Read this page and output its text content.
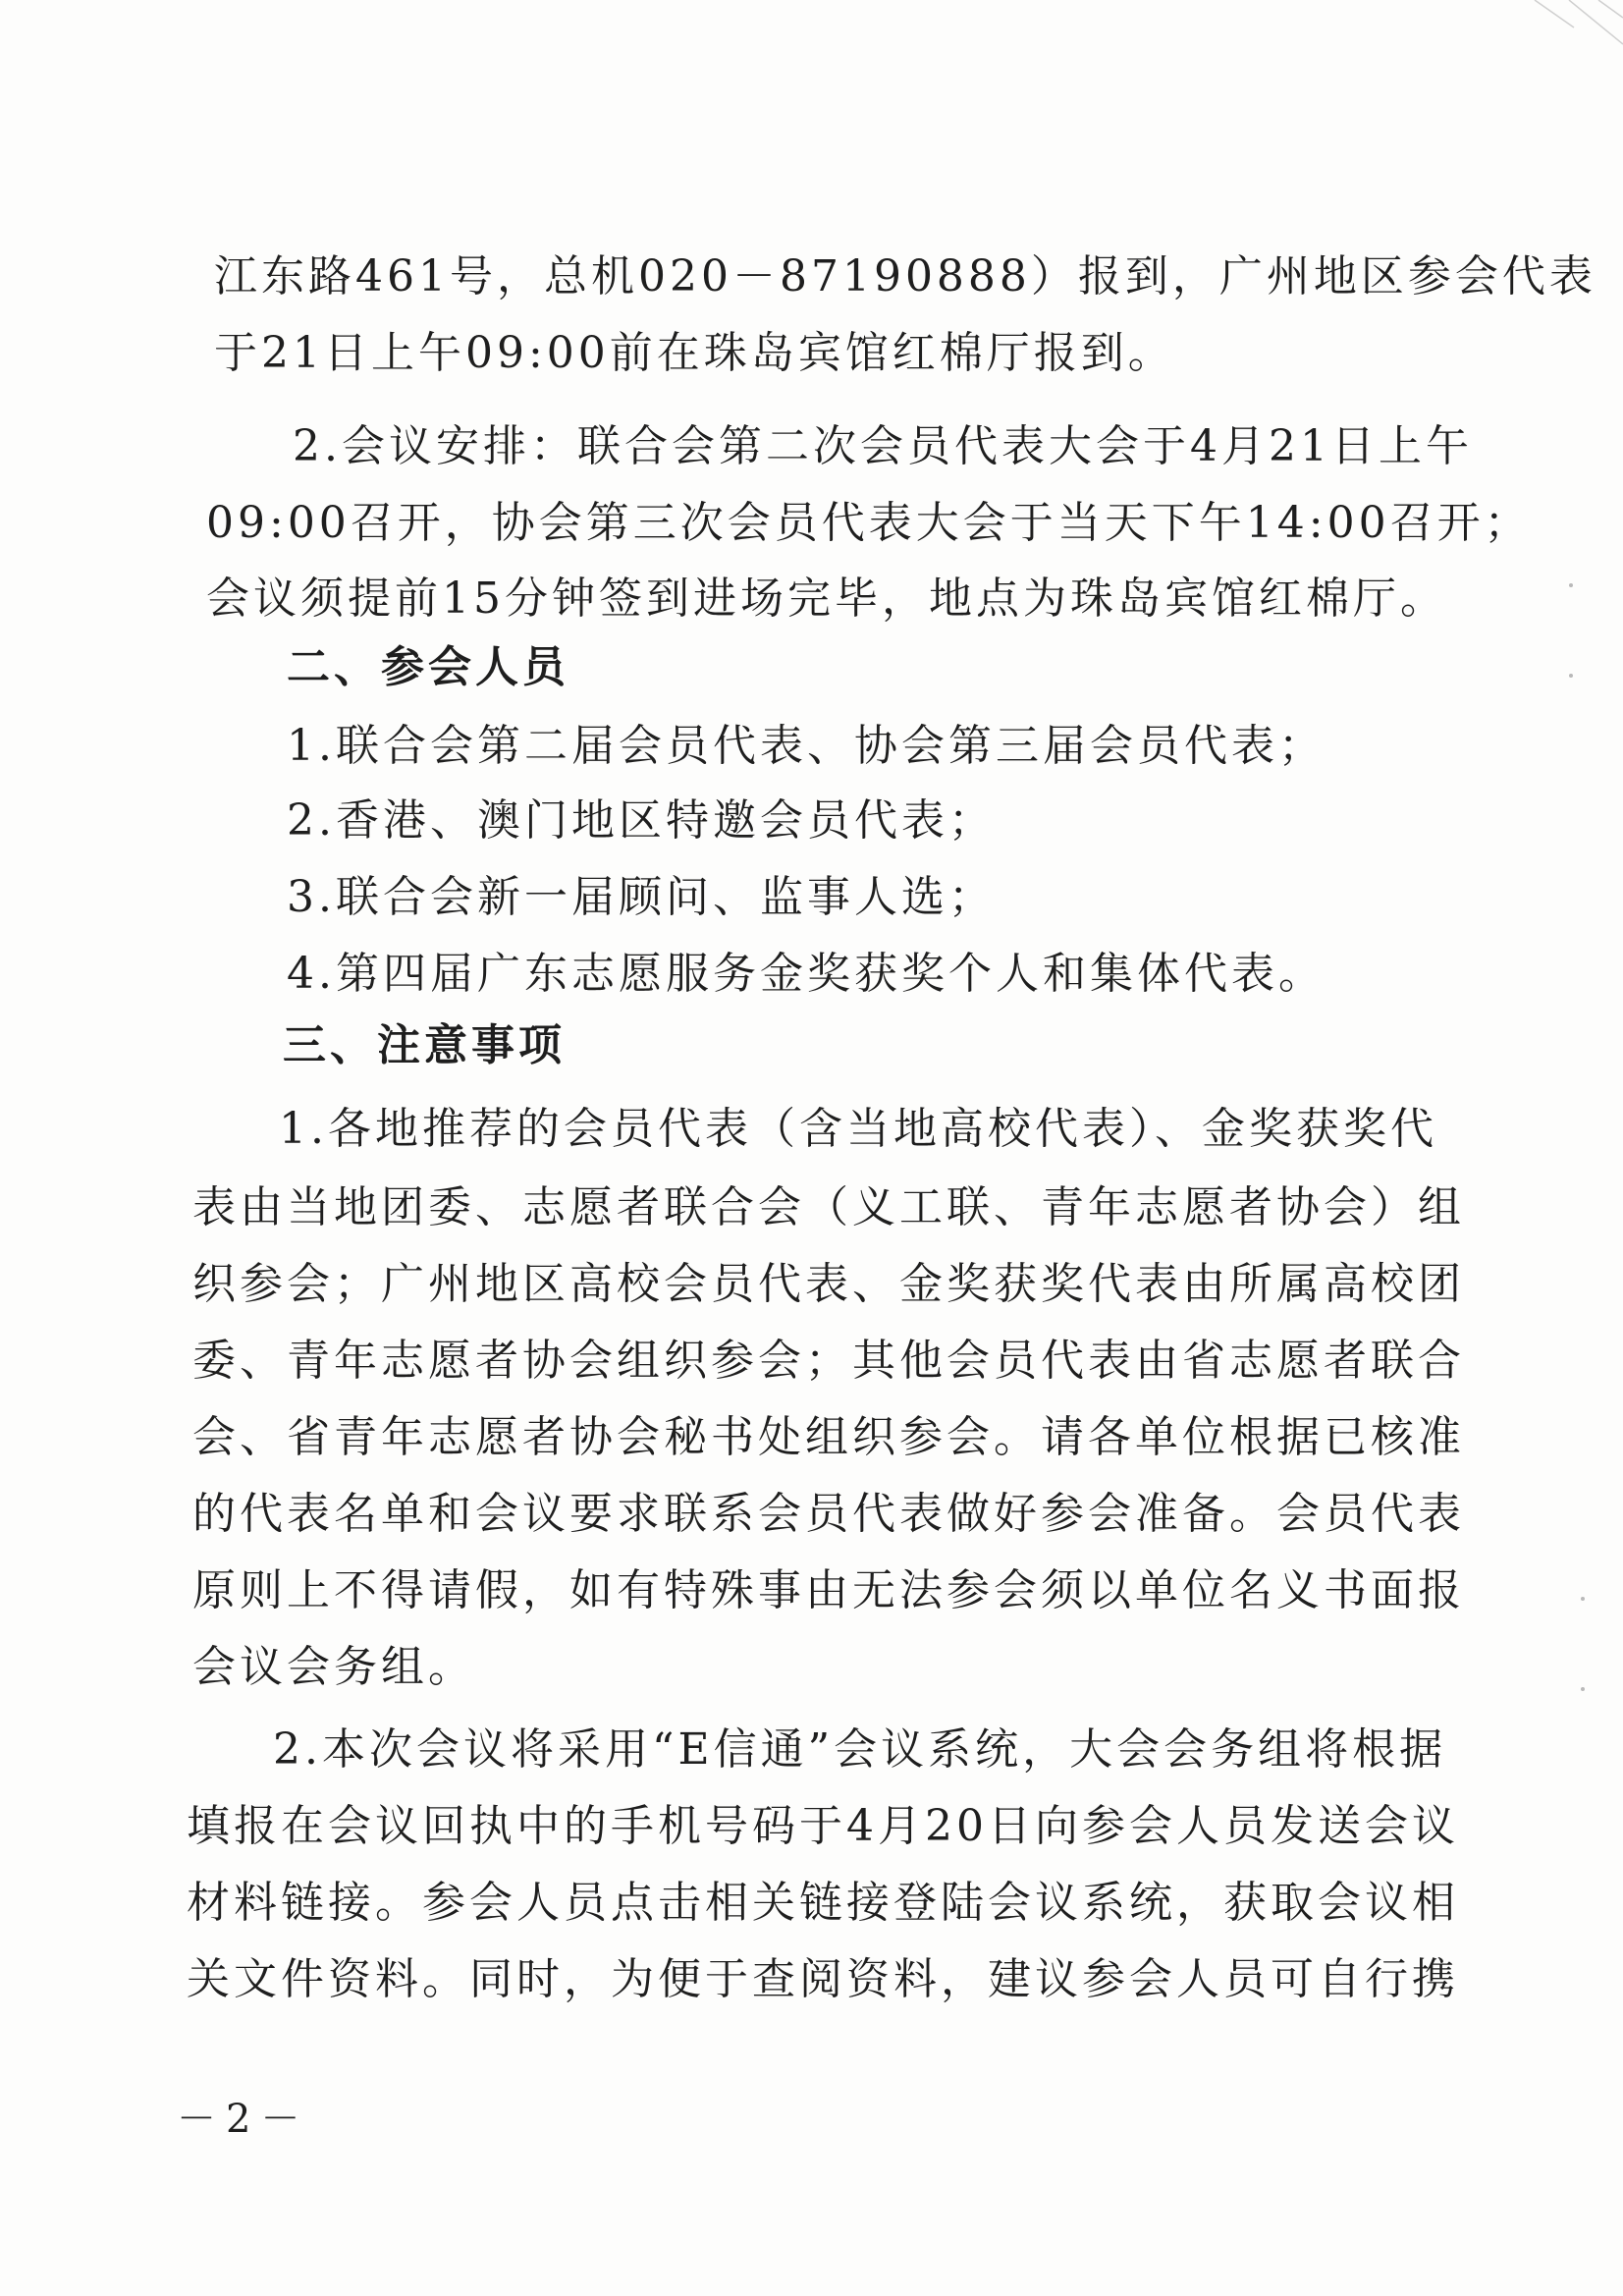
江东路461号，总机020－87190888）报到，广州地区参会代表
于21日上午09:00前在珠岛宾馆红棉厅报到。
2.会议安排：联合会第二次会员代表大会于4月21日上午
09:00召开，协会第三次会员代表大会于当天下午14:00召开；
会议须提前15分钟签到进场完毕，地点为珠岛宾馆红棉厅。
二、参会人员
1.联合会第二届会员代表、协会第三届会员代表；
2.香港、澳门地区特邀会员代表；
3.联合会新一届顾问、监事人选；
4.第四届广东志愿服务金奖获奖个人和集体代表。
三、注意事项
1.各地推荐的会员代表（含当地高校代表）、金奖获奖代
表由当地团委、志愿者联合会（义工联、青年志愿者协会）组
织参会；广州地区高校会员代表、金奖获奖代表由所属高校团
委、青年志愿者协会组织参会；其他会员代表由省志愿者联合
会、省青年志愿者协会秘书处组织参会。请各单位根据已核准
的代表名单和会议要求联系会员代表做好参会准备。会员代表
原则上不得请假，如有特殊事由无法参会须以单位名义书面报
会议会务组。
2.本次会议将采用“E信通”会议系统，大会会务组将根据
填报在会议回执中的手机号码于4月20日向参会人员发送会议
材料链接。参会人员点击相关链接登陆会议系统，获取会议相
关文件资料。同时，为便于查阅资料，建议参会人员可自行携
－2－
